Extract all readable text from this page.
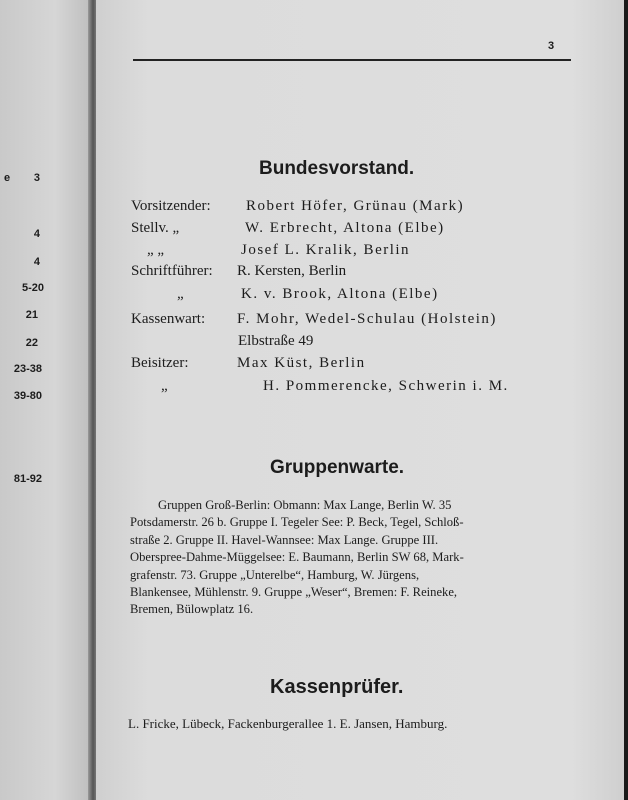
e 3
4
4
5-20
21
22
23-38
39-80
81-92
3
Bundesvorstand.
Vorsitzender: Robert Höfer, Grünau (Mark)
Stellv. „	W. Erbrecht, Altona (Elbe)
„ „	Josef L. Kralik, Berlin
Schriftführer: R. Kersten, Berlin
„	K. v. Brook, Altona (Elbe)
Kassenwart: F. Mohr, Wedel-Schulau (Holstein)
Elbstraße 49
Beisitzer:	Max Küst, Berlin
„	H. Pommerencke, Schwerin i. M.
Gruppenwarte.
Gruppen Groß-Berlin: Obmann: Max Lange, Berlin W. 35
Potsdamerstr. 26 b. Gruppe I. Tegeler See: P. Beck, Tegel, Schloß-
straße 2. Gruppe II. Havel-Wannsee: Max Lange. Gruppe III.
Oberspree-Dahme-Müggelsee: E. Baumann, Berlin SW 68, Mark-
grafenstr. 73. Gruppe „Unterelbe“, Hamburg, W. Jürgens,
Blankensee, Mühlenstr. 9. Gruppe „Weser“, Bremen: F. Reineke,
Bremen, Bülowplatz 16.
Kassenprüfer.
L. Fricke, Lübeck, Fackenburgerallee 1. E. Jansen, Hamburg.
